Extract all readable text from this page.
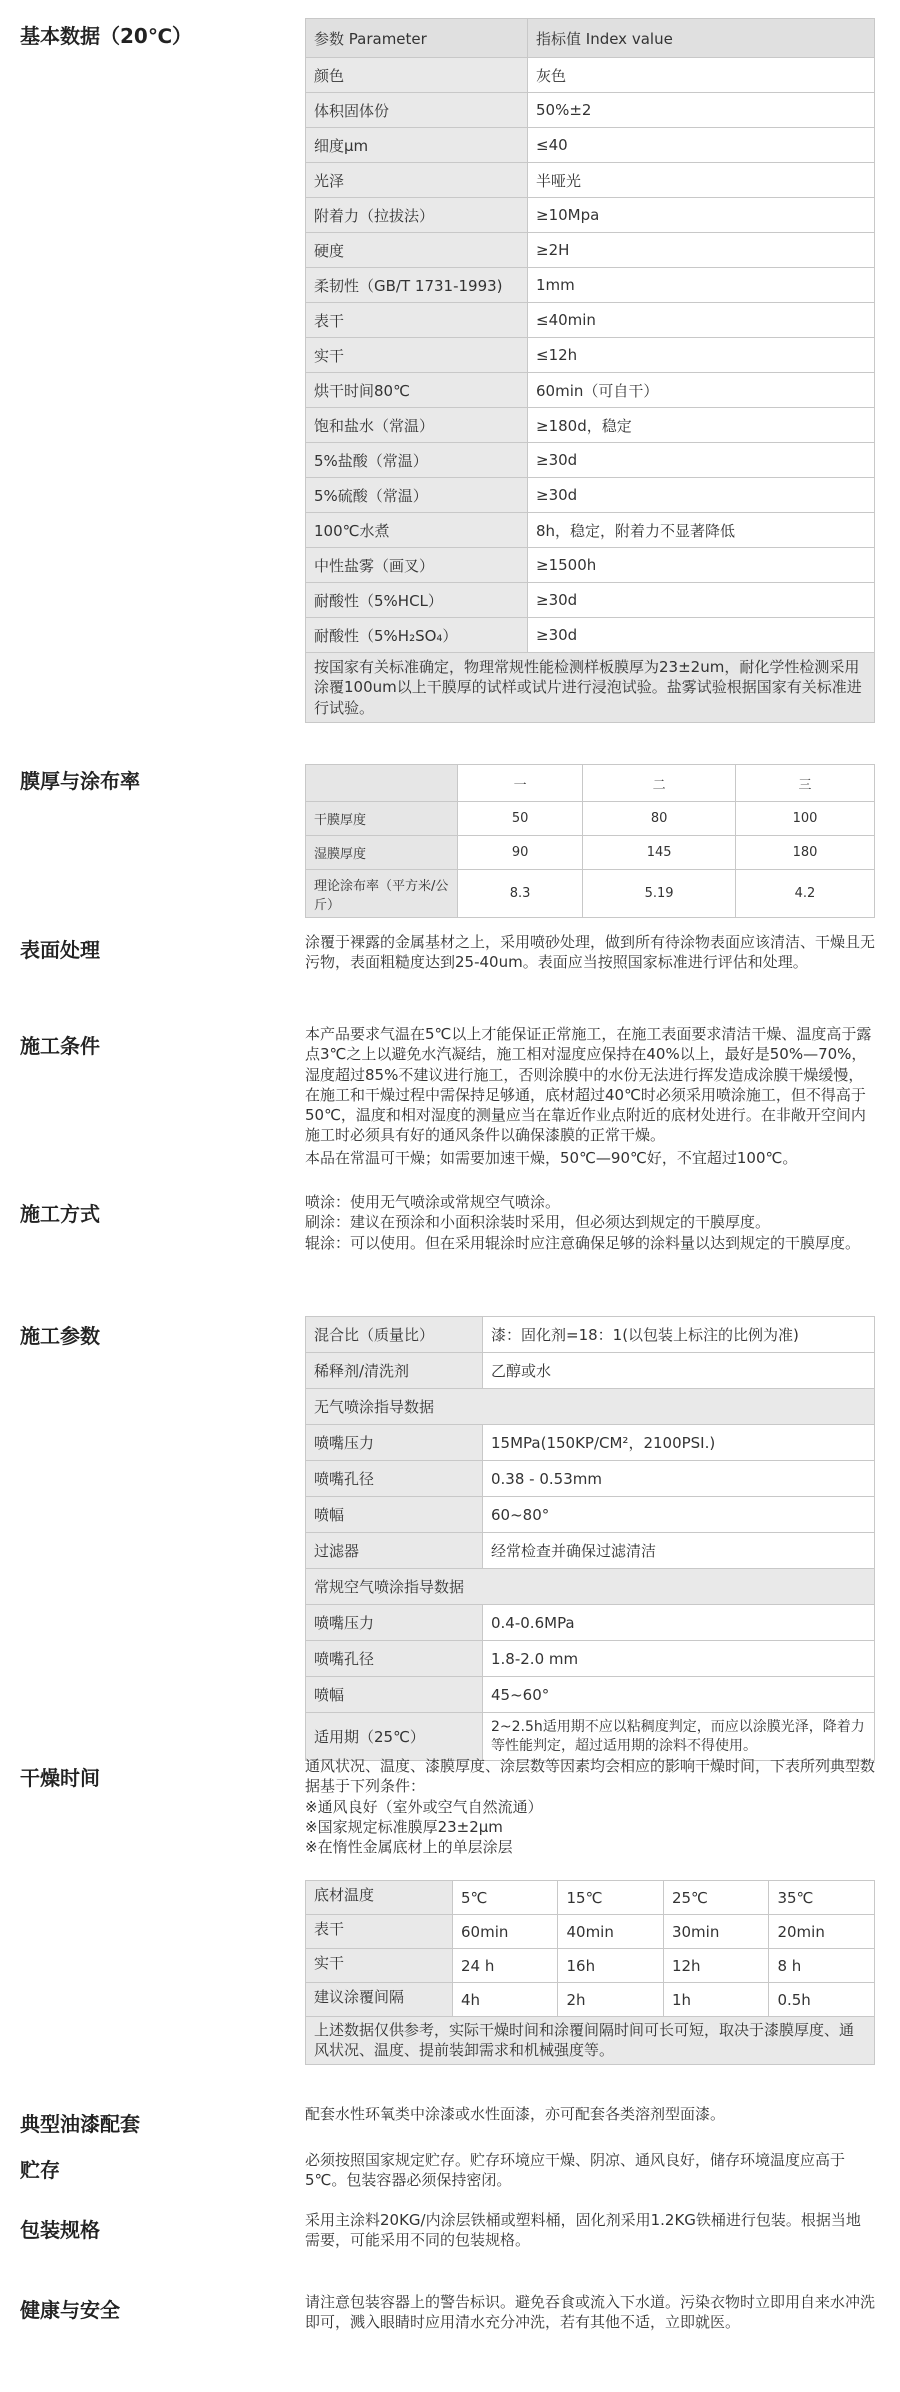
基本数据（20℃）	参数 Parameter	指标值 Index value
颜色	灰色
体积固体份	50%±2
细度μm	≤40
光泽	半哑光
附着力（拉拔法）	≥10Mpa
硬度	≥2H
柔韧性（GB/T 1731-1993)	1mm
表干	≤40min
实干	≤12h
烘干时间80℃	60min（可自干）
饱和盐水（常温）	≥180d，稳定
5%盐酸（常温）	≥30d
5%硫酸（常温）	≥30d
100℃水煮	8h，稳定，附着力不显著降低
中性盐雾（画叉）	≥1500h
耐酸性（5%HCL）	≥30d
耐酸性（5%H₂SO₄）	≥30d
按国家有关标准确定，物理常规性能检测样板膜厚为23±2um，耐化学性检测采用涂覆100um以上干膜厚的试样或试片进行浸泡试验。盐雾试验根据国家有关标准进行试验。	
膜厚与涂布率
		一	二	三
干膜厚度	50	80	100
湿膜厚度	90	145	180
理论涂布率（平方米/公斤）	8.3	5.19	4.2
表面处理	涂覆于裸露的金属基材之上，采用喷砂处理，做到所有待涂物表面应该清洁、干燥且无污物，表面粗糙度达到25-40um。表面应当按照国家标准进行评估和处理。
施工条件	本产品要求气温在5℃以上才能保证正常施工，在施工表面要求清洁干燥、温度高于露点3℃之上以避免水汽凝结，施工相对湿度应保持在40%以上，最好是50%—70%，湿度超过85%不建议进行施工，否则涂膜中的水份无法进行挥发造成涂膜干燥缓慢，在施工和干燥过程中需保持足够通，底材超过40℃时必须采用喷涂施工，但不得高于50℃，温度和相对湿度的测量应当在靠近作业点附近的底材处进行。在非敞开空间内施工时必须具有好的通风条件以确保漆膜的正常干燥。
本品在常温可干燥；如需要加速干燥，50℃—90℃好，不宜超过100℃。
施工方式	喷涂：使用无气喷涂或常规空气喷涂。
刷涂：建议在预涂和小面积涂装时采用，但必须达到规定的干膜厚度。
辊涂：可以使用。但在采用辊涂时应注意确保足够的涂料量以达到规定的干膜厚度。
施工参数	混合比（质量比）	漆：固化剂=18：1(以包装上标注的比例为准)
稀释剂/清洗剂	乙醇或水
无气喷涂指导数据	
喷嘴压力	15MPa(150KP/CM²，2100PSI.)
喷嘴孔径	0.38 - 0.53mm
喷幅	60~80°
过滤器	经常检查并确保过滤清洁
常规空气喷涂指导数据	
喷嘴压力	0.4-0.6MPa
喷嘴孔径	1.8-2.0 mm
喷幅	45~60°
适用期（25℃）	2~2.5h适用期不应以粘稠度判定，而应以涂膜光泽，降着力等性能判定，超过适用期的涂料不得使用。
干燥时间	通风状况、温度、漆膜厚度、涂层数等因素均会相应的影响干燥时间，下表所列典型数据基于下列条件：
※通风良好（室外或空气自然流通）
※国家规定标准膜厚23±2μm
※在惰性金属底材上的单层涂层
底材温度	5℃	15℃	25℃	35℃
表干	60min	40min	30min	20min
实干	24 h	16h	12h	8 h
建议涂覆间隔	4h	2h	1h	0.5h
上述数据仅供参考，实际干燥时间和涂覆间隔时间可长可短，取决于漆膜厚度、通风状况、温度、提前装卸需求和机械强度等。				
典型油漆配套	配套水性环氧类中涂漆或水性面漆，亦可配套各类溶剂型面漆。
贮存	必须按照国家规定贮存。贮存环境应干燥、阴凉、通风良好，储存环境温度应高于5℃。包装容器必须保持密闭。
包装规格	采用主涂料20KG/内涂层铁桶或塑料桶，固化剂采用1.2KG铁桶进行包装。根据当地需要，可能采用不同的包装规格。
健康与安全	请注意包装容器上的警告标识。避免吞食或流入下水道。污染衣物时立即用自来水冲洗即可，溅入眼睛时应用清水充分冲洗，若有其他不适，立即就医。
